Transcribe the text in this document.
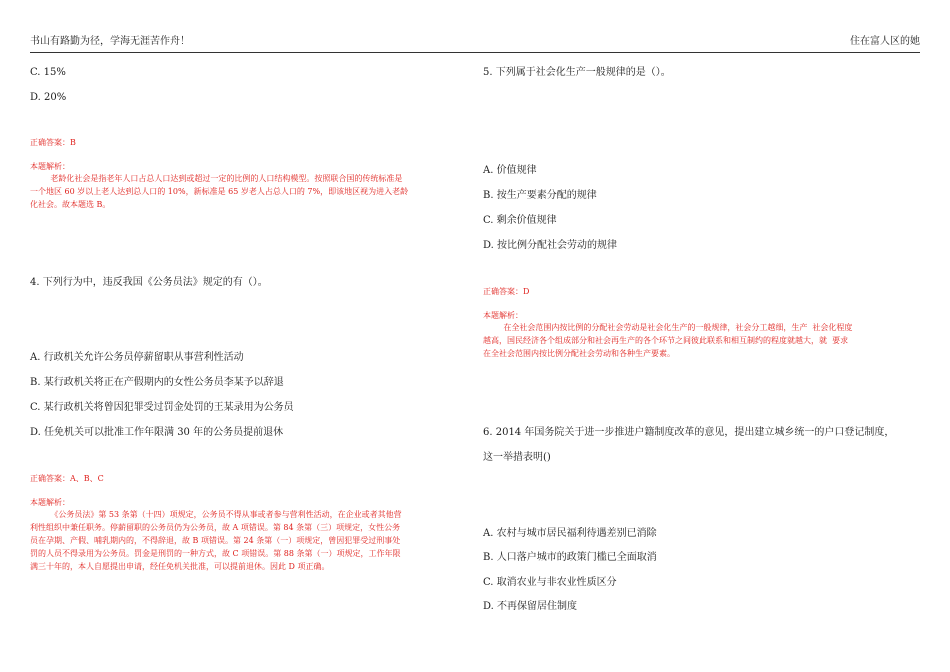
书山有路勤为径，学海无涯苦作舟！	住在富人区的她
C. 15%
D. 20%
正确答案：B
本题解析：
老龄化社会是指老年人口占总人口达到或超过一定的比例的人口结构模型。按照联合国的传统标准是
一个地区 60 岁以上老人达到总人口的 10%，新标准是 65 岁老人占总人口的 7%，即该地区视为进入老龄
化社会。故本题选 B。
4. 下列行为中，违反我国《公务员法》规定的有（）。
A. 行政机关允许公务员停薪留职从事营利性活动
B. 某行政机关将正在产假期内的女性公务员李某予以辞退
C. 某行政机关将曾因犯罪受过罚金处罚的王某录用为公务员
D. 任免机关可以批准工作年限满 30 年的公务员提前退休
正确答案：A、B、C
本题解析：
《公务员法》第 53 条第（十四）项规定，公务员不得从事或者参与营利性活动，在企业或者其他营
利性组织中兼任职务。停薪留职的公务员仍为公务员，故 A 项错误。第 84 条第（三）项规定，女性公务
员在孕期、产假、哺乳期内的，不得辞退，故 B 项错误。第 24 条第（一）项规定，曾因犯罪受过刑事处
罚的人员不得录用为公务员。罚金是刑罚的一种方式，故 C 项错误。第 88 条第（一）项规定，工作年限
满三十年的，本人自愿提出申请，经任免机关批准，可以提前退休。因此 D 项正确。
5. 下列属于社会化生产一般规律的是（）。
A. 价值规律
B. 按生产要素分配的规律
C. 剩余价值规律
D. 按比例分配社会劳动的规律
正确答案：D
本题解析：
在全社会范围内按比例的分配社会劳动是社会化生产的一般规律，社会分工越细，生产  社会化程度
越高，国民经济各个组成部分和社会再生产的各个环节之间彼此联系和相互制约的程度就越大，就  要求
在全社会范围内按比例分配社会劳动和各种生产要素。
6. 2014 年国务院关于进一步推进户籍制度改革的意见，提出建立城乡统一的户口登记制度，
这一举措表明()
A. 农村与城市居民福利待遇差别已消除
B. 人口落户城市的政策门槛已全面取消
C. 取消农业与非农业性质区分
D. 不再保留居住制度
